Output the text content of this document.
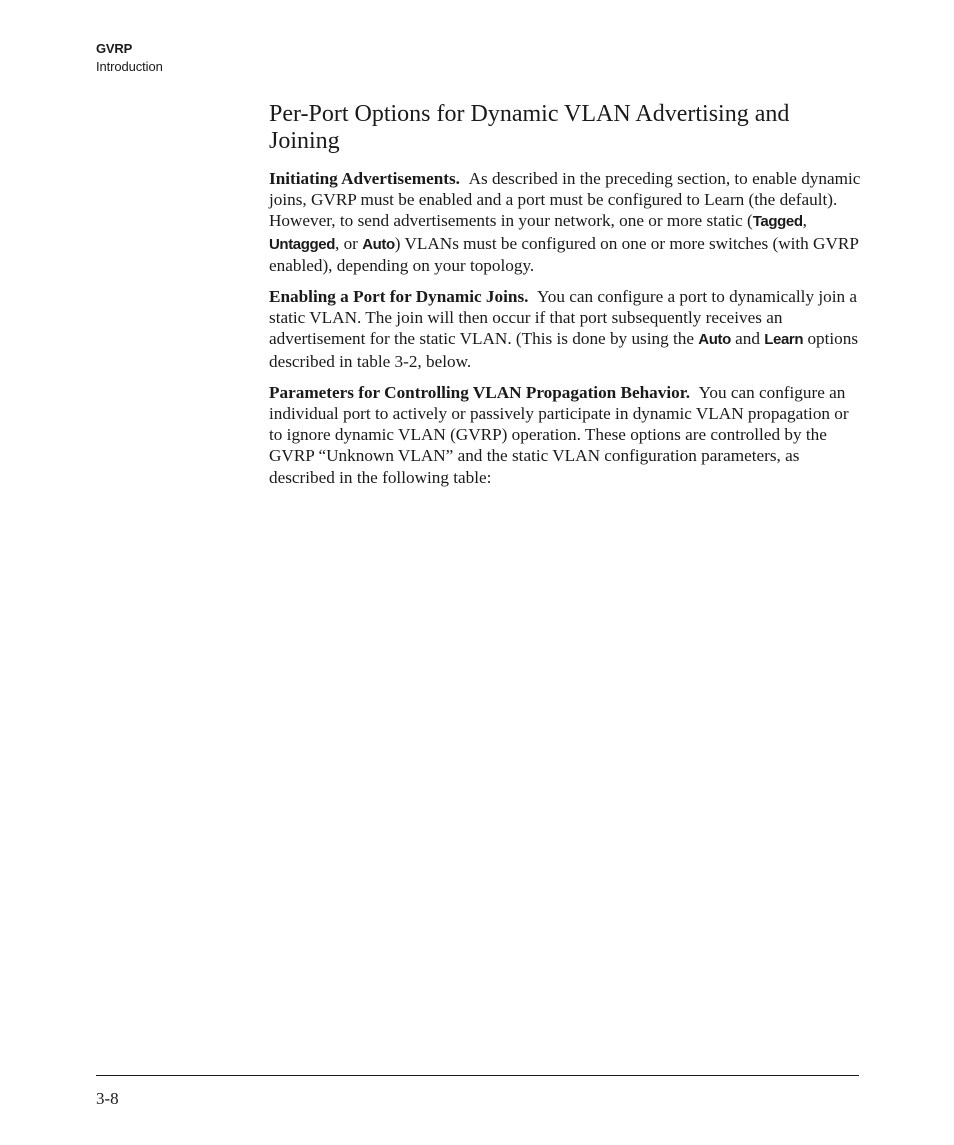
GVRP
Introduction
Per-Port Options for Dynamic VLAN Advertising and Joining

Initiating Advertisements. As described in the preceding section, to enable dynamic joins, GVRP must be enabled and a port must be configured to Learn (the default). However, to send advertisements in your network, one or more static (Tagged, Untagged, or Auto) VLANs must be configured on one or more switches (with GVRP enabled), depending on your topology.

Enabling a Port for Dynamic Joins. You can configure a port to dynamically join a static VLAN. The join will then occur if that port subsequently receives an advertisement for the static VLAN. (This is done by using the Auto and Learn options described in table 3-2, below.

Parameters for Controlling VLAN Propagation Behavior. You can configure an individual port to actively or passively participate in dynamic VLAN propagation or to ignore dynamic VLAN (GVRP) operation. These options are controlled by the GVRP “Unknown VLAN” and the static VLAN configuration parameters, as described in the following table:

3-8
